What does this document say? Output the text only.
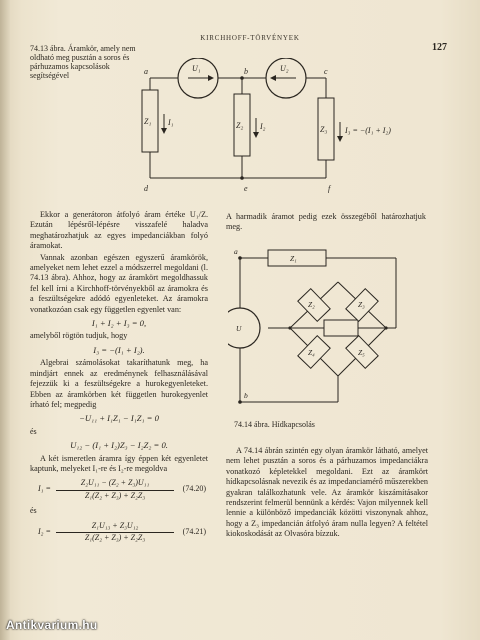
KIRCHHOFF-TÖRVÉNYEK
127
74.13 ábra. Áramkör, amely nem oldható meg pusztán a soros és párhuzamos kapcsolások segítségével	a	b	c
d	e	f
U₁	U₂
Z₁	Z₂	Z₃
I₁	I₂	I₃ = −(I₁ + I₂)

Ekkor a generátoron átfolyó áram értéke U₁/Z. Ezután lépésről-lépésre visszafelé haladva meghatározhatjuk az egyes impedanciákban folyó áramokat.

Vannak azonban egészen egyszerű áramkörök, amelyeket nem lehet ezzel a módszerrel megoldani (l. 74.13 ábra). Ahhoz, hogy az áramkört megoldhassuk fel kell írni a Kirchhoff-törvényekből az áramokra és a feszültségekre adódó egyenleteket. Az áramokra vonatkozóan csak egy független egyenlet van:

I₁ + I₂ + I₃ = 0,

amelyből rögtön tudjuk, hogy

I₃ = −(I₁ + I₂).

Algebrai számolásokat takaríthatunk meg, ha mindjárt ennek az eredménynek felhasználásával fejezzük ki a feszültségekre a hurokegyenleteket. Ebben az áramkörben két független hurokegyenlet írható fel; megpedig

−U₁₁ + I₁Z₁ − I₁Z₁ = 0
és
U₁₂ − (I₁ + I₂)Z₃ − I₂Z₂ = 0.

A két ismeretlen áramra így éppen két egyenletet kaptunk, melyeket I₁-re és I₂-re megoldva

$I_1 = \frac{\text{Z₂U₁₁ − (Z₂ + Z₃)U₁₁}}{\text{Z₁(Z₂ + Z₃) + Z₂Z₃}} (74.20)$
és
$I_2 = \frac{\text{Z₁U₁₃ + Z₃U₁₂}}{\text{Z₁(Z₂ + Z₃) + Z₂Z₃}} (74.21)$

A harmadik áramot pedig ezek összegéből határozhatjuk meg.

a
b
U
Z₁
Z₂	Z₃
Z₄	Z₅
74.14 ábra. Hídkapcsolás

A 74.14 ábrán szintén egy olyan áramkör látható, amelyet nem lehet pusztán a soros és a párhuzamos impedanciákra vonatkozó képletekkel megoldani. Ezt az áramkört hídkapcsolásnak nevezik és az impedanciamérő műszerekben gyakran találkozhatunk vele. Az áramkör kiszámításakor rendszerint felmerül bennünk a kérdés: Vajon milyennek kell lennie a különböző impedanciák közötti viszonynak ahhoz, hogy a Z₃ impedancián átfolyó áram nulla legyen? A feltétel kiokoskodását az Olvasóra bízzuk.

Antikvarium.hu
